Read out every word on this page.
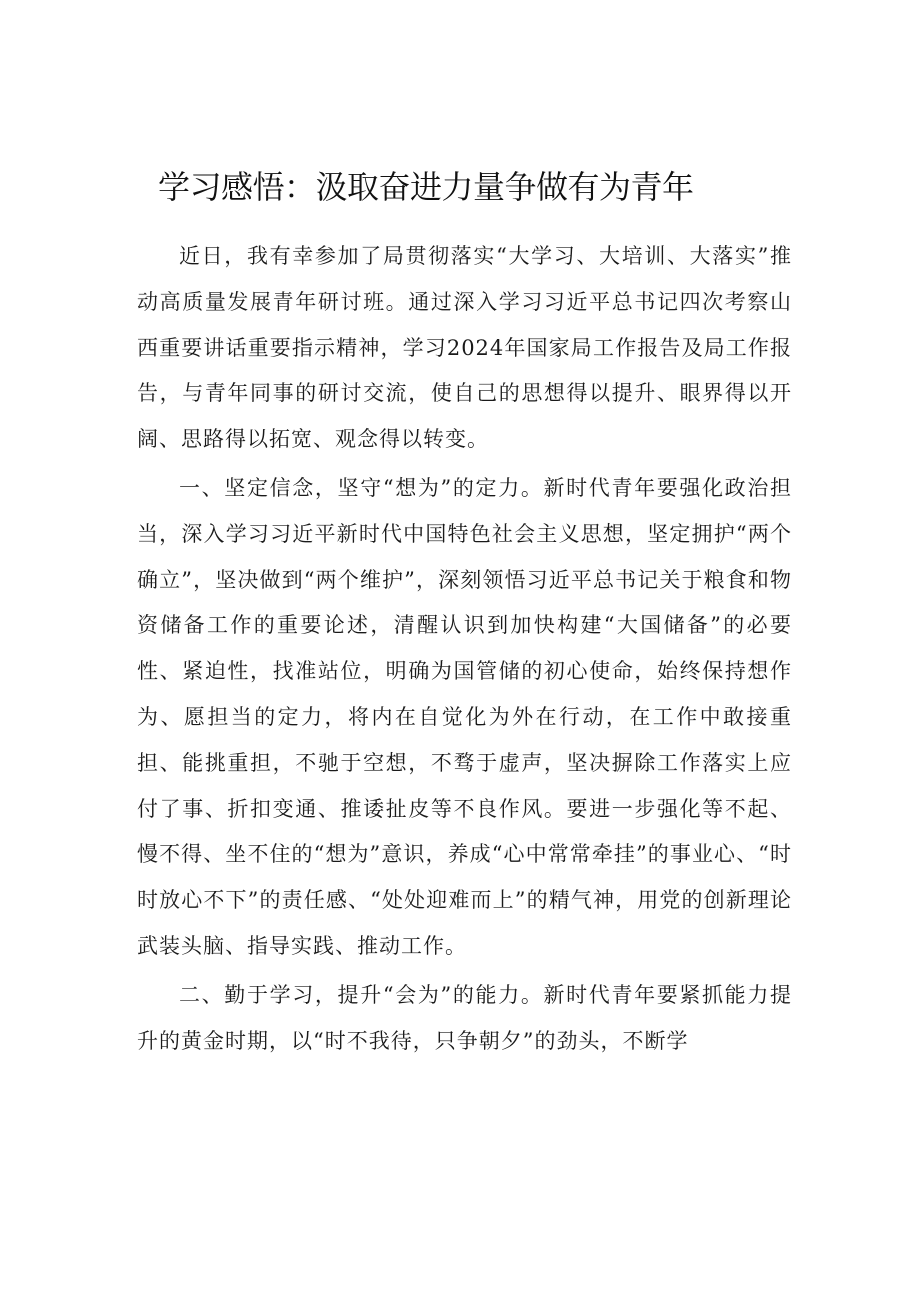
学习感悟：汲取奋进力量争做有为青年

近日，我有幸参加了局贯彻落实“大学习、大培训、大落实”推动高质量发展青年研讨班。通过深入学习习近平总书记四次考察山西重要讲话重要指示精神，学习2024年国家局工作报告及局工作报告，与青年同事的研讨交流，使自己的思想得以提升、眼界得以开阔、思路得以拓宽、观念得以转变。

一、坚定信念，坚守“想为”的定力。新时代青年要强化政治担当，深入学习习近平新时代中国特色社会主义思想，坚定拥护“两个确立”，坚决做到“两个维护”，深刻领悟习近平总书记关于粮食和物资储备工作的重要论述，清醒认识到加快构建“大国储备”的必要性、紧迫性，找准站位，明确为国管储的初心使命，始终保持想作为、愿担当的定力，将内在自觉化为外在行动，在工作中敢接重担、能挑重担，不驰于空想，不骛于虚声，坚决摒除工作落实上应付了事、折扣变通、推诿扯皮等不良作风。要进一步强化等不起、慢不得、坐不住的“想为”意识，养成“心中常常牵挂”的事业心、“时时放心不下”的责任感、“处处迎难而上”的精气神，用党的创新理论武装头脑、指导实践、推动工作。

二、勤于学习，提升“会为”的能力。新时代青年要紧抓能力提升的黄金时期，以“时不我待，只争朝夕”的劲头，不断学
